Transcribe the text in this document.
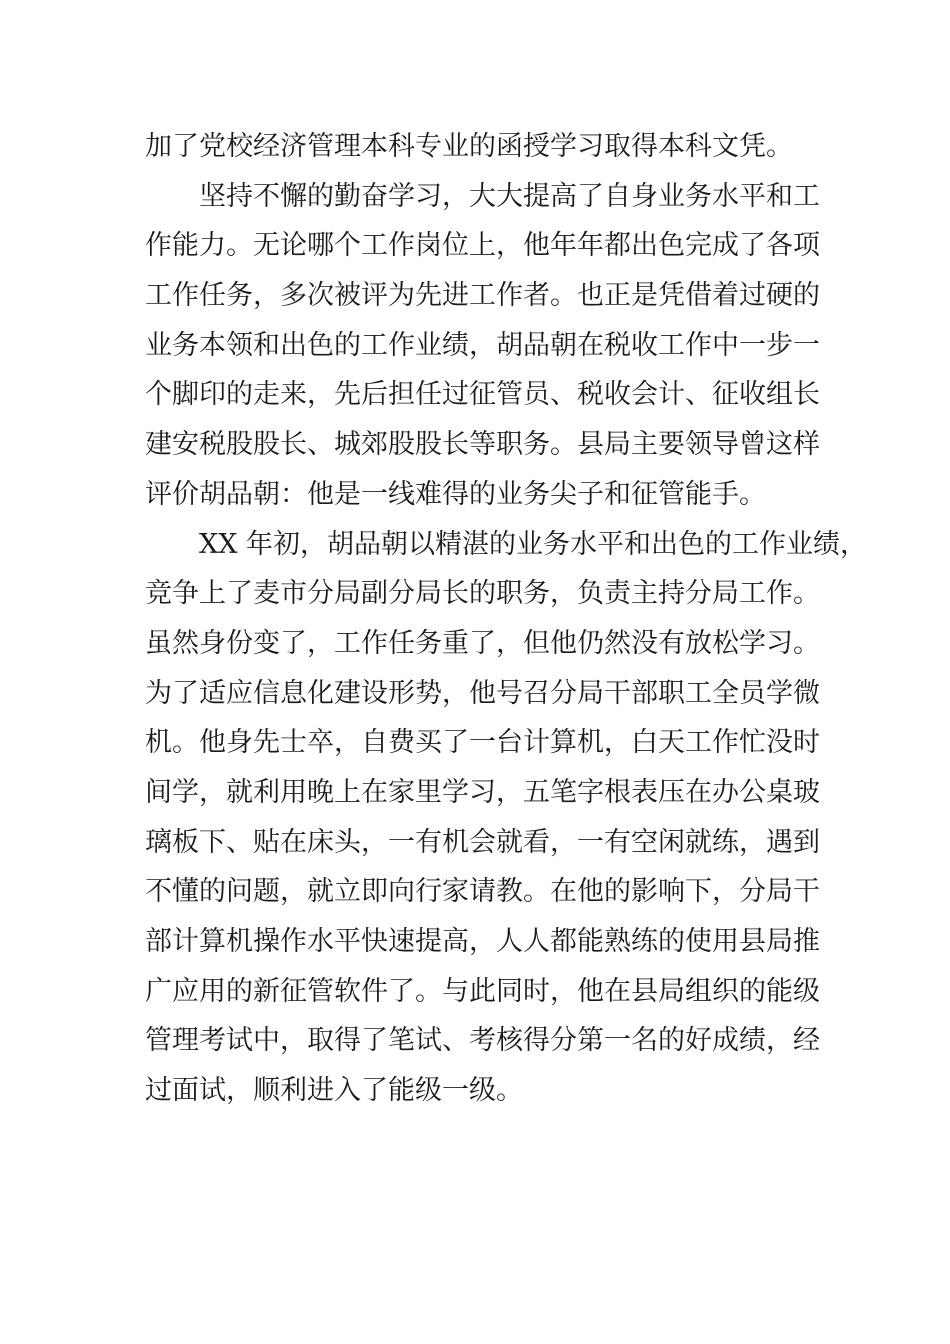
加了党校经济管理本科专业的函授学习取得本科文凭。
坚持不懈的勤奋学习，大大提高了自身业务水平和工
作能力。无论哪个工作岗位上，他年年都出色完成了各项
工作任务，多次被评为先进工作者。也正是凭借着过硬的
业务本领和出色的工作业绩，胡品朝在税收工作中一步一
个脚印的走来，先后担任过征管员、税收会计、征收组长
建安税股股长、城郊股股长等职务。县局主要领导曾这样
评价胡品朝：他是一线难得的业务尖子和征管能手。
XX 年初，胡品朝以精湛的业务水平和出色的工作业绩，
竞争上了麦市分局副分局长的职务，负责主持分局工作。
虽然身份变了，工作任务重了，但他仍然没有放松学习。
为了适应信息化建设形势，他号召分局干部职工全员学微
机。他身先士卒，自费买了一台计算机，白天工作忙没时
间学，就利用晚上在家里学习，五笔字根表压在办公桌玻
璃板下、贴在床头，一有机会就看，一有空闲就练，遇到
不懂的问题，就立即向行家请教。在他的影响下，分局干
部计算机操作水平快速提高，人人都能熟练的使用县局推
广应用的新征管软件了。与此同时，他在县局组织的能级
管理考试中，取得了笔试、考核得分第一名的好成绩，经
过面试，顺利进入了能级一级。
